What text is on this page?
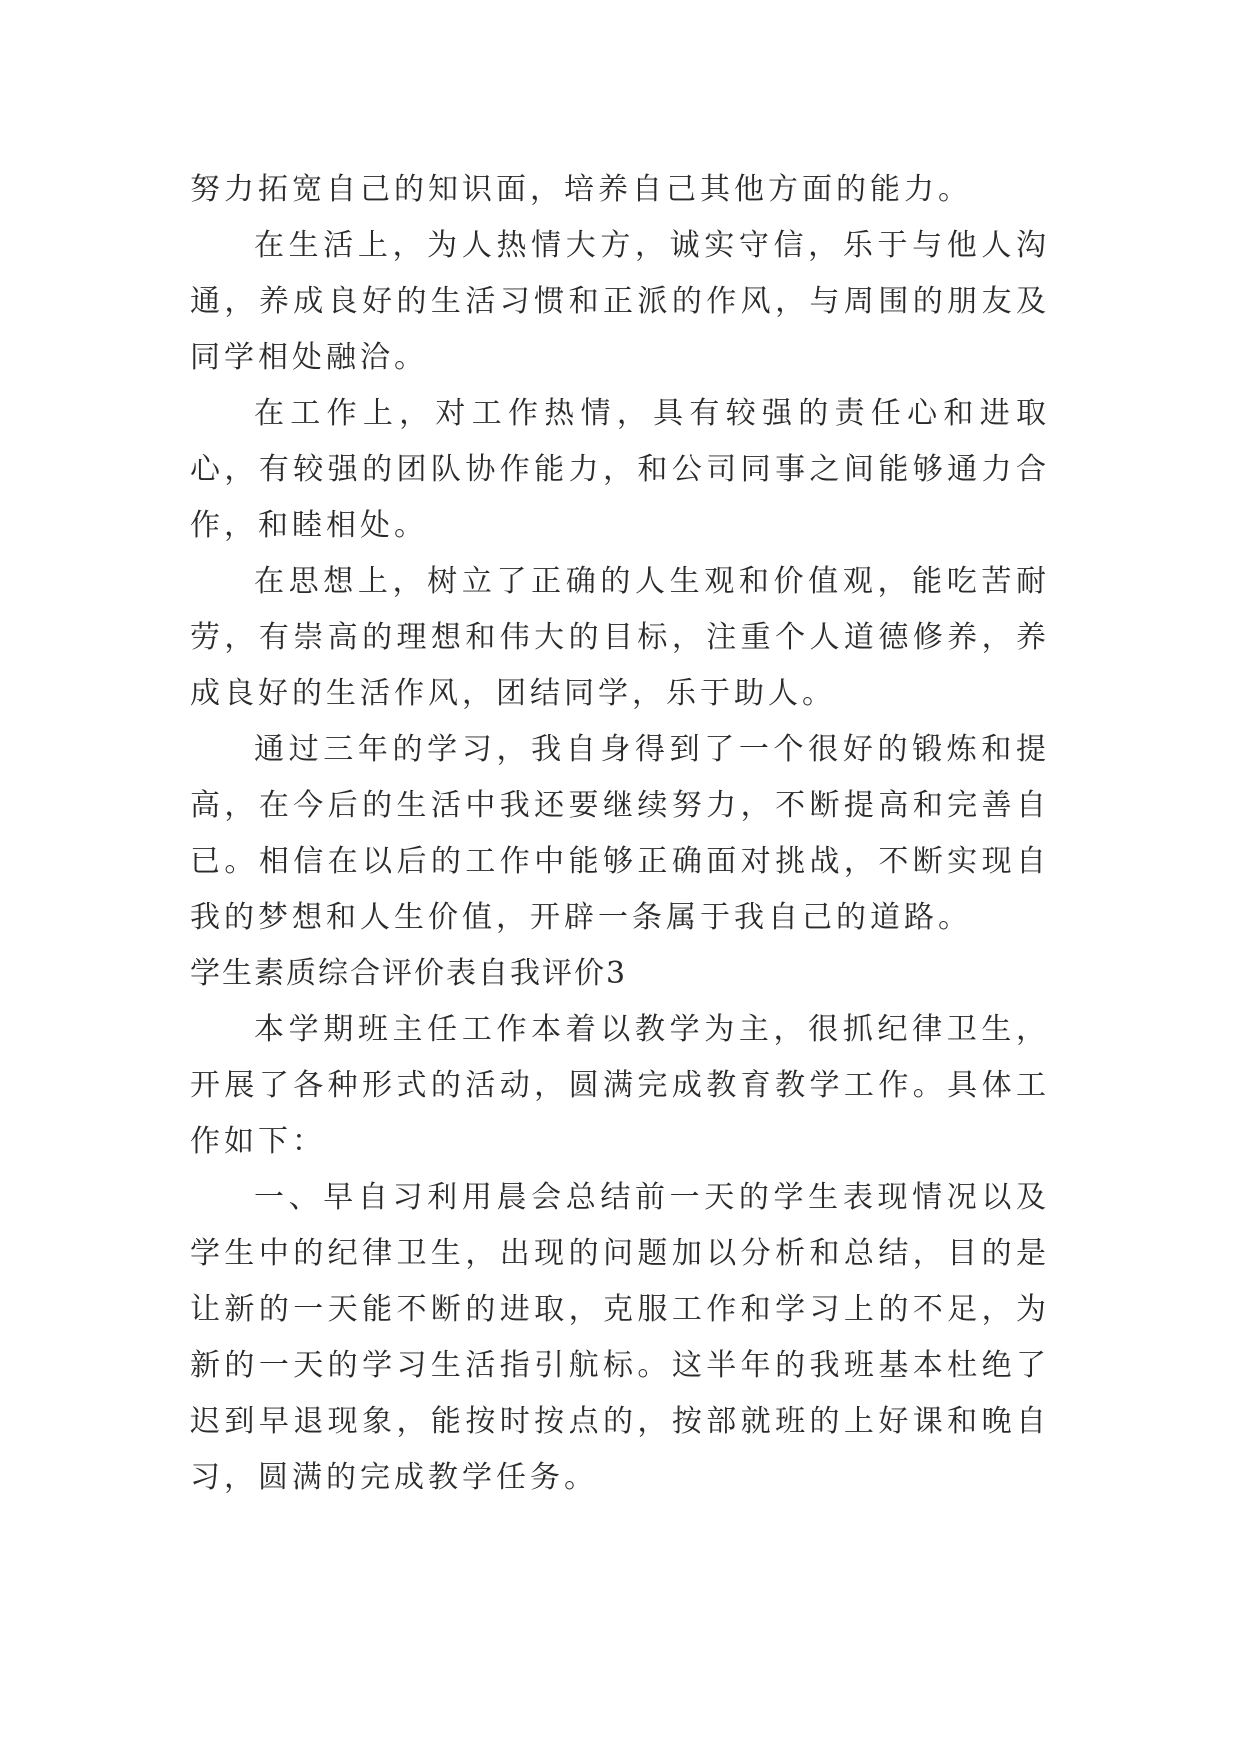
努力拓宽自己的知识面，培养自己其他方面的能力。

在生活上，为人热情大方，诚实守信，乐于与他人沟通，养成良好的生活习惯和正派的作风，与周围的朋友及同学相处融洽。

在工作上，对工作热情，具有较强的责任心和进取心，有较强的团队协作能力，和公司同事之间能够通力合作，和睦相处。

在思想上，树立了正确的人生观和价值观，能吃苦耐劳，有崇高的理想和伟大的目标，注重个人道德修养，养成良好的生活作风，团结同学，乐于助人。

通过三年的学习，我自身得到了一个很好的锻炼和提高，在今后的生活中我还要继续努力，不断提高和完善自已。相信在以后的工作中能够正确面对挑战，不断实现自我的梦想和人生价值，开辟一条属于我自己的道路。

学生素质综合评价表自我评价3

本学期班主任工作本着以教学为主，很抓纪律卫生，开展了各种形式的活动，圆满完成教育教学工作。具体工作如下：

一、早自习利用晨会总结前一天的学生表现情况以及学生中的纪律卫生，出现的问题加以分析和总结，目的是让新的一天能不断的进取，克服工作和学习上的不足，为新的一天的学习生活指引航标。这半年的我班基本杜绝了迟到早退现象，能按时按点的，按部就班的上好课和晚自习，圆满的完成教学任务。
